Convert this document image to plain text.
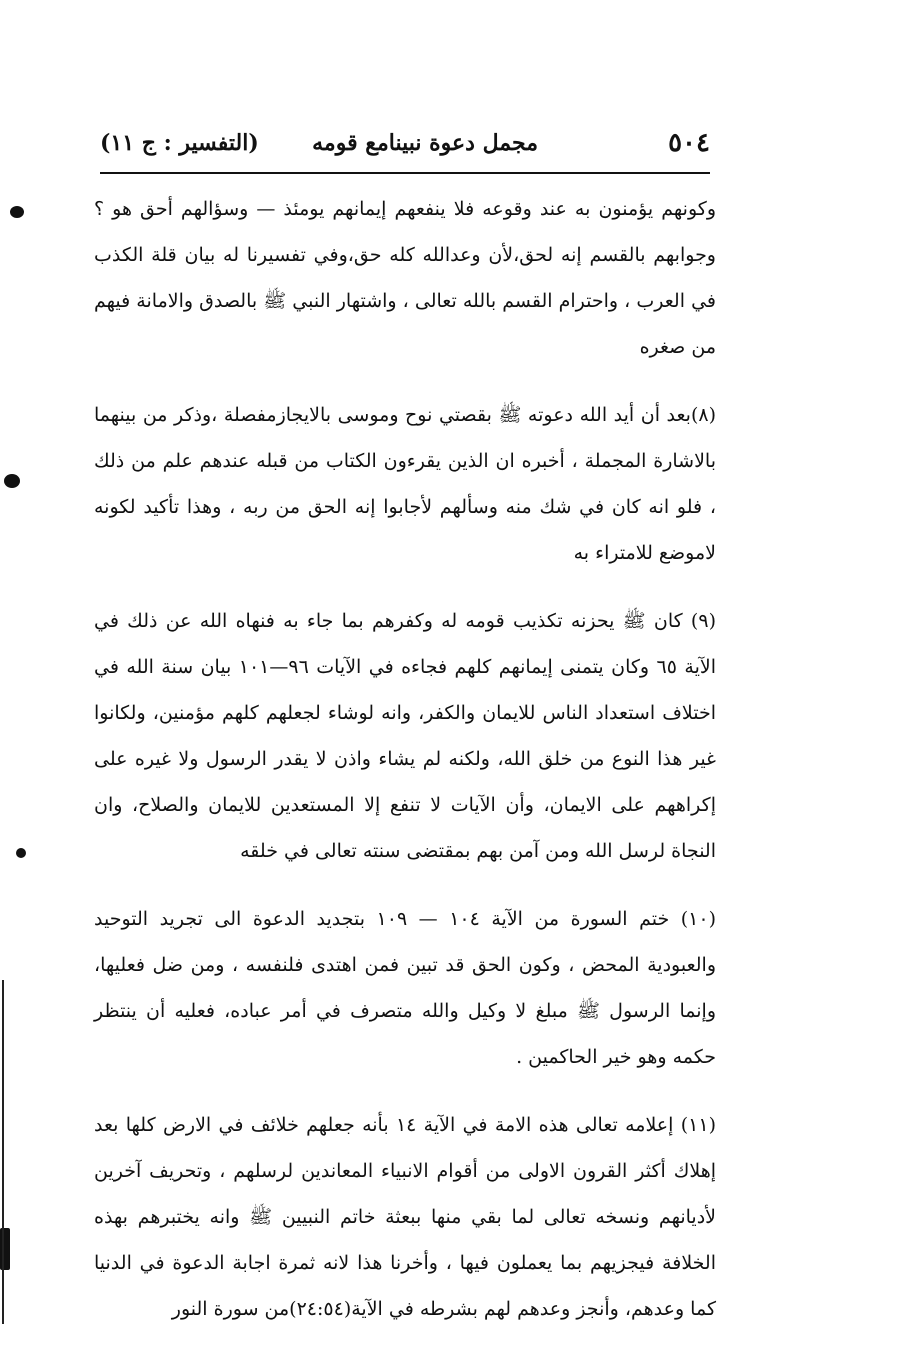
٥٠٤
مجمل دعوة نبينامع قومه
(التفسير : ج ١١)

وكونهم يؤمنون به عند وقوعه فلا ينفعهم إيمانهم يومئذ — وسؤالهم أحق هو ؟ وجوابهم بالقسم إنه لحق،لأن وعدالله كله حق،وفي تفسيرنا له بيان قلة الكذب في العرب ، واحترام القسم بالله تعالى ، واشتهار النبي ﷺ بالصدق والامانة فيهم من صغره

(٨)بعد أن أيد الله دعوته ﷺ بقصتي نوح وموسى بالايجازمفصلة ،وذكر من بينهما بالاشارة المجملة ، أخبره ان الذين يقرءون الكتاب من قبله عندهم علم من ذلك ، فلو انه كان في شك منه وسألهم لأجابوا إنه الحق من ربه ، وهذا تأكيد لكونه لاموضع للامتراء به

(٩) كان ﷺ يحزنه تكذيب قومه له وكفرهم بما جاء به فنهاه الله عن ذلك في الآية ٦٥ وكان يتمنى إيمانهم كلهم فجاءه في الآيات ٩٦—١٠١ بيان سنة الله في اختلاف استعداد الناس للايمان والكفر، وانه لوشاء لجعلهم كلهم مؤمنين، ولكانوا غير هذا النوع من خلق الله، ولكنه لم يشاء واذن لا يقدر الرسول ولا غيره على إكراههم على الايمان، وأن الآيات لا تنفع إلا المستعدين للايمان والصلاح، وان النجاة لرسل الله ومن آمن بهم بمقتضى سنته تعالى في خلقه

(١٠) ختم السورة من الآية ١٠٤ — ١٠٩ بتجديد الدعوة الى تجريد التوحيد والعبودية المحض ، وكون الحق قد تبين فمن اهتدى فلنفسه ، ومن ضل فعليها، وإنما الرسول ﷺ مبلغ لا وكيل والله متصرف في أمر عباده، فعليه أن ينتظر حكمه وهو خير الحاكمين .

(١١) إعلامه تعالى هذه الامة في الآية ١٤ بأنه جعلهم خلائف في الارض كلها بعد إهلاك أكثر القرون الاولى من أقوام الانبياء المعاندين لرسلهم ، وتحريف آخرين لأديانهم ونسخه تعالى لما بقي منها ببعثة خاتم النبيين ﷺ وانه يختبرهم بهذه الخلافة فيجزيهم بما يعملون فيها ، وأخرنا هذا لانه ثمرة اجابة الدعوة في الدنيا كما وعدهم، وأنجز وعدهم لهم بشرطه في الآية(٢٤:٥٤)من سورة النور
